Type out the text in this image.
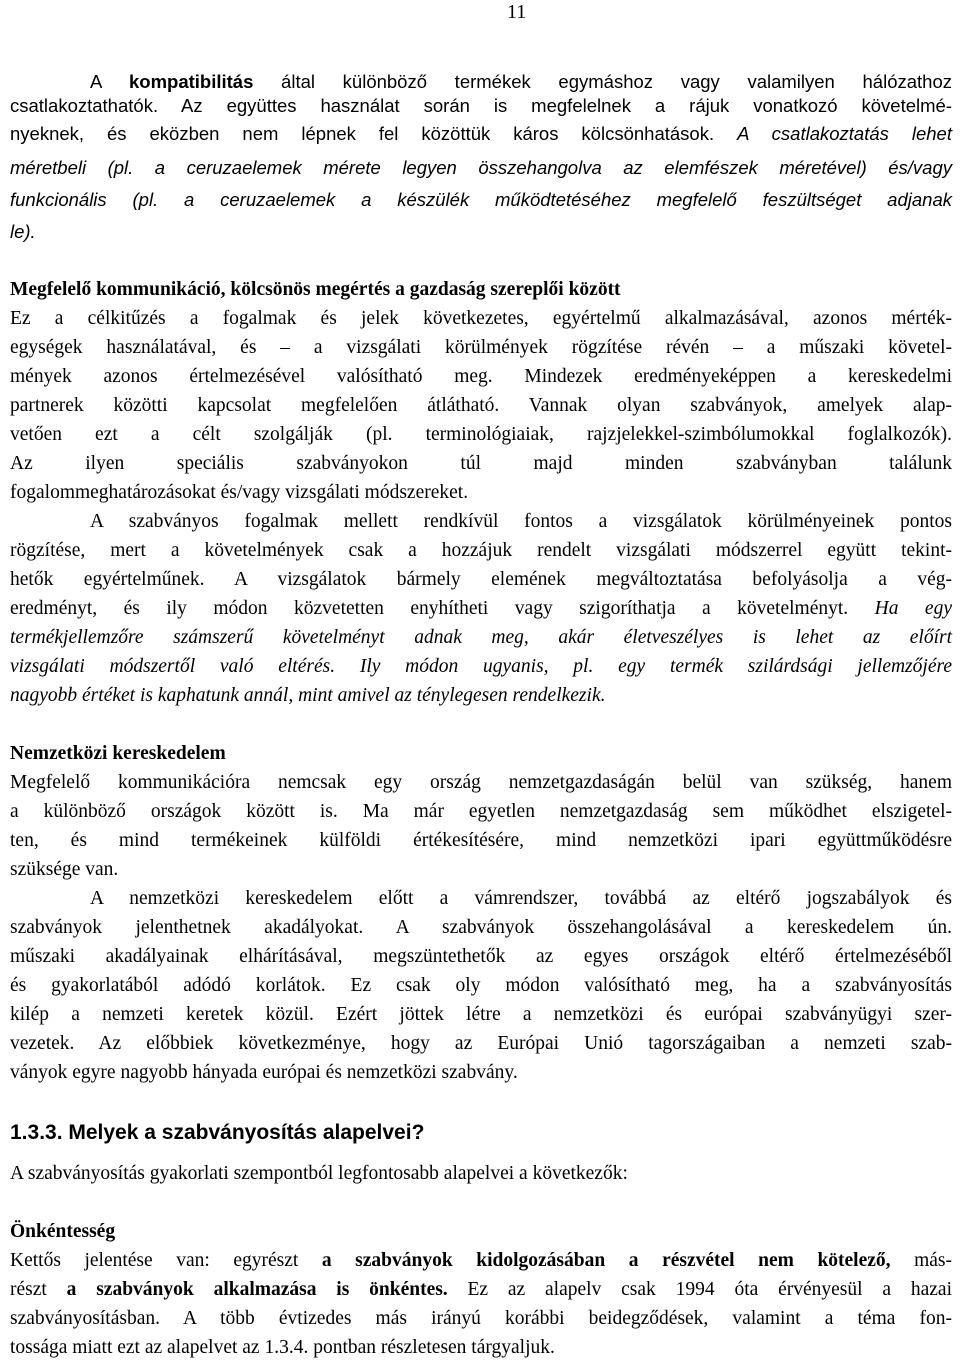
11
A kompatibilitás által különböző termékek egymáshoz vagy valamilyen hálózathoz
csatlakoztathatók. Az együttes használat során is megfelelnek a rájuk vonatkozó követelmé-
nyeknek, és eközben nem lépnek fel közöttük káros kölcsönhatások. A csatlakoztatás lehet
méretbeli (pl. a ceruzaelemek mérete legyen összehangolva az elemfészek méretével) és/vagy
funkcionális (pl. a ceruzaelemek a készülék működtetéséhez megfelelő feszültséget adjanak
le).
Megfelelő kommunikáció, kölcsönös megértés a gazdaság szereplői között
Ez a célkitűzés a fogalmak és jelek következetes, egyértelmű alkalmazásával, azonos mérték-
egységek használatával, és – a vizsgálati körülmények rögzítése révén – a műszaki követel-
mények azonos értelmezésével valósítható meg. Mindezek eredményeképpen a kereskedelmi
partnerek közötti kapcsolat megfelelően átlátható. Vannak olyan szabványok, amelyek alap-
vetően ezt a célt szolgálják (pl. terminológiaiak, rajzjelekkel-szimbólumokkal foglalkozók).
Az ilyen speciális szabványokon túl majd minden szabványban találunk
fogalommeghatározásokat és/vagy vizsgálati módszereket.
A szabványos fogalmak mellett rendkívül fontos a vizsgálatok körülményeinek pontos
rögzítése, mert a követelmények csak a hozzájuk rendelt vizsgálati módszerrel együtt tekint-
hetők egyértelműnek. A vizsgálatok bármely elemének megváltoztatása befolyásolja a vég-
eredményt, és ily módon közvetetten enyhítheti vagy szigoríthatja a követelményt. Ha egy
termékjellemzőre számszerű követelményt adnak meg, akár életveszélyes is lehet az előírt
vizsgálati módszertől való eltérés. Ily módon ugyanis, pl. egy termék szilárdsági jellemzőjére
nagyobb értéket is kaphatunk annál, mint amivel az ténylegesen rendelkezik.
Nemzetközi kereskedelem
Megfelelő kommunikációra nemcsak egy ország nemzetgazdaságán belül van szükség, hanem
a különböző országok között is. Ma már egyetlen nemzetgazdaság sem működhet elszigetel-
ten, és mind termékeinek külföldi értékesítésére, mind nemzetközi ipari együttműködésre
szüksége van.
A nemzetközi kereskedelem előtt a vámrendszer, továbbá az eltérő jogszabályok és
szabványok jelenthetnek akadályokat. A szabványok összehangolásával a kereskedelem ún.
műszaki akadályainak elhárításával, megszüntethetők az egyes országok eltérő értelmezéséből
és gyakorlatából adódó korlátok. Ez csak oly módon valósítható meg, ha a szabványosítás
kilép a nemzeti keretek közül. Ezért jöttek létre a nemzetközi és európai szabványügyi szer-
vezetek. Az előbbiek következménye, hogy az Európai Unió tagországaiban a nemzeti szab-
ványok egyre nagyobb hányada európai és nemzetközi szabvány.
1.3.3. Melyek a szabványosítás alapelvei?
A szabványosítás gyakorlati szempontból legfontosabb alapelvei a következők:
Önkéntesség
Kettős jelentése van: egyrészt a szabványok kidolgozásában a részvétel nem kötelező, más-
részt a szabványok alkalmazása is önkéntes. Ez az alapelv csak 1994 óta érvényesül a hazai
szabványosításban. A több évtizedes más irányú korábbi beidegződések, valamint a téma fon-
tossága miatt ezt az alapelvet az 1.3.4. pontban részletesen tárgyaljuk.
